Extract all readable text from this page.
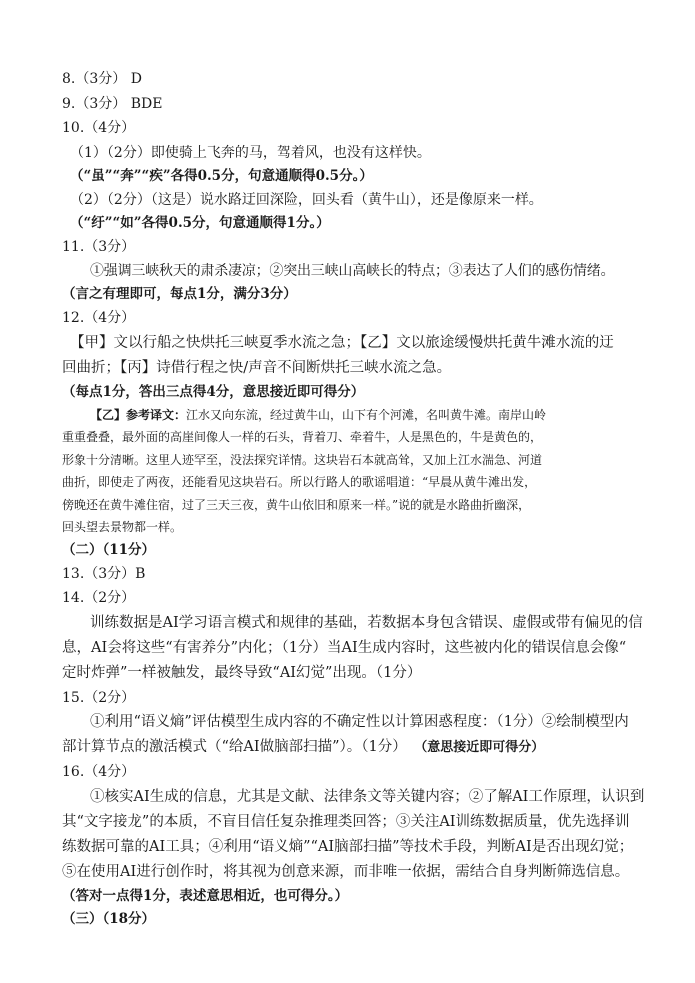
8.（3分） D

9.（3分） BDE

10.（4分）

（1）（2分）即使骑上飞奔的马，驾着风，也没有这样快。

（“虽”“奔”“疾”各得0.5分，句意通顺得0.5分。）

（2）（2分）（这是）说水路迂回深险，回头看（黄牛山），还是像原来一样。

（“纡”“如”各得0.5分，句意通顺得1分。）

11.（3分）

①强调三峡秋天的肃杀凄凉；②突出三峡山高峡长的特点；③表达了人们的感伤情绪。

（言之有理即可，每点1分，满分3分）

12.（4分）

【甲】文以行船之快烘托三峡夏季水流之急；【乙】文以旅途缓慢烘托黄牛滩水流的迂

回曲折；【丙】诗借行程之快/声音不间断烘托三峡水流之急。

（每点1分，答出三点得4分，意思接近即可得分）

【乙】参考译文：江水又向东流，经过黄牛山，山下有个河滩，名叫黄牛滩。南岸山岭

重重叠叠，最外面的高崖间像人一样的石头，背着刀、牵着牛，人是黑色的，牛是黄色的，

形象十分清晰。这里人迹罕至，没法探究详情。这块岩石本就高耸，又加上江水湍急、河道

曲折，即使走了两夜，还能看见这块岩石。所以行路人的歌谣唱道：“早晨从黄牛滩出发，

傍晚还在黄牛滩住宿，过了三天三夜，黄牛山依旧和原来一样。”说的就是水路曲折幽深，

回头望去景物都一样。

（二）（11分）

13.（3分）B

14.（2分）

训练数据是AI学习语言模式和规律的基础，若数据本身包含错误、虚假或带有偏见的信

息，AI会将这些“有害养分”内化；（1分）当AI生成内容时，这些被内化的错误信息会像“

定时炸弹”一样被触发，最终导致“AI幻觉”出现。（1分）

15.（2分）

①利用“语义熵”评估模型生成内容的不确定性以计算困惑程度：（1分）②绘制模型内

部计算节点的激活模式（“给AI做脑部扫描”）。（1分） （意思接近即可得分）

16.（4分）

①核实AI生成的信息，尤其是文献、法律条文等关键内容；②了解AI工作原理，认识到

其“文字接龙”的本质，不盲目信任复杂推理类回答；③关注AI训练数据质量，优先选择训

练数据可靠的AI工具；④利用“语义熵”“AI脑部扫描”等技术手段，判断AI是否出现幻觉；

⑤在使用AI进行创作时，将其视为创意来源，而非唯一依据，需结合自身判断筛选信息。

（答对一点得1分，表述意思相近，也可得分。）

（三）（18分）
